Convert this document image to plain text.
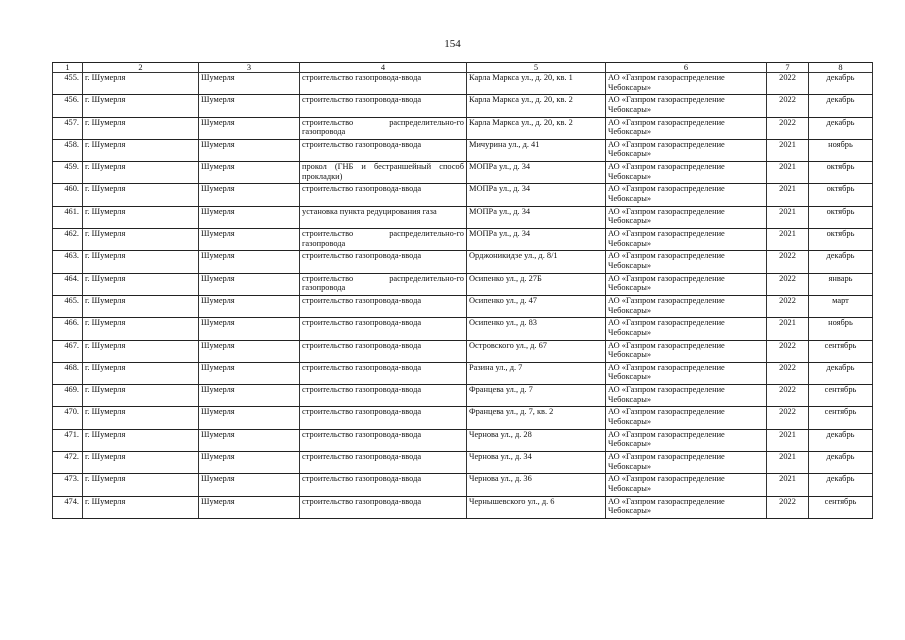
154
1	2	3	4	5	6	7	8
455.	г. Шумерля	Шумерля	строительство газопровода-ввода	Карла Маркса ул., д. 20, кв. 1	АО «Газпром газораспределение Чебоксары»	2022	декабрь
456.	г. Шумерля	Шумерля	строительство газопровода-ввода	Карла Маркса ул., д. 20, кв. 2	АО «Газпром газораспределение Чебоксары»	2022	декабрь
457.	г. Шумерля	Шумерля	строительство распределительно-го газопровода	Карла Маркса ул., д. 20, кв. 2	АО «Газпром газораспределение Чебоксары»	2022	декабрь
458.	г. Шумерля	Шумерля	строительство газопровода-ввода	Мичурина ул., д. 41	АО «Газпром газораспределение Чебоксары»	2021	ноябрь
459.	г. Шумерля	Шумерля	прокол (ГНБ и бестраншейный способ прокладки)	МОПРа ул., д. 34	АО «Газпром газораспределение Чебоксары»	2021	октябрь
460.	г. Шумерля	Шумерля	строительство газопровода-ввода	МОПРа ул., д. 34	АО «Газпром газораспределение Чебоксары»	2021	октябрь
461.	г. Шумерля	Шумерля	установка пункта редуцирования газа	МОПРа ул., д. 34	АО «Газпром газораспределение Чебоксары»	2021	октябрь
462.	г. Шумерля	Шумерля	строительство распределительно-го газопровода	МОПРа ул., д. 34	АО «Газпром газораспределение Чебоксары»	2021	октябрь
463.	г. Шумерля	Шумерля	строительство газопровода-ввода	Орджоникидзе ул., д. 8/1	АО «Газпром газораспределение Чебоксары»	2022	декабрь
464.	г. Шумерля	Шумерля	строительство распределительно-го газопровода	Осипенко ул., д. 27Б	АО «Газпром газораспределение Чебоксары»	2022	январь
465.	г. Шумерля	Шумерля	строительство газопровода-ввода	Осипенко ул., д. 47	АО «Газпром газораспределение Чебоксары»	2022	март
466.	г. Шумерля	Шумерля	строительство газопровода-ввода	Осипенко ул., д. 83	АО «Газпром газораспределение Чебоксары»	2021	ноябрь
467.	г. Шумерля	Шумерля	строительство газопровода-ввода	Островского ул., д. 67	АО «Газпром газораспределение Чебоксары»	2022	сентябрь
468.	г. Шумерля	Шумерля	строительство газопровода-ввода	Разина ул., д. 7	АО «Газпром газораспределение Чебоксары»	2022	декабрь
469.	г. Шумерля	Шумерля	строительство газопровода-ввода	Францева ул., д. 7	АО «Газпром газораспределение Чебоксары»	2022	сентябрь
470.	г. Шумерля	Шумерля	строительство газопровода-ввода	Францева ул., д. 7, кв. 2	АО «Газпром газораспределение Чебоксары»	2022	сентябрь
471.	г. Шумерля	Шумерля	строительство газопровода-ввода	Чернова ул., д. 28	АО «Газпром газораспределение Чебоксары»	2021	декабрь
472.	г. Шумерля	Шумерля	строительство газопровода-ввода	Чернова ул., д. 34	АО «Газпром газораспределение Чебоксары»	2021	декабрь
473.	г. Шумерля	Шумерля	строительство газопровода-ввода	Чернова ул., д. 36	АО «Газпром газораспределение Чебоксары»	2021	декабрь
474.	г. Шумерля	Шумерля	строительство газопровода-ввода	Чернышевского ул., д. 6	АО «Газпром газораспределение Чебоксары»	2022	сентябрь
